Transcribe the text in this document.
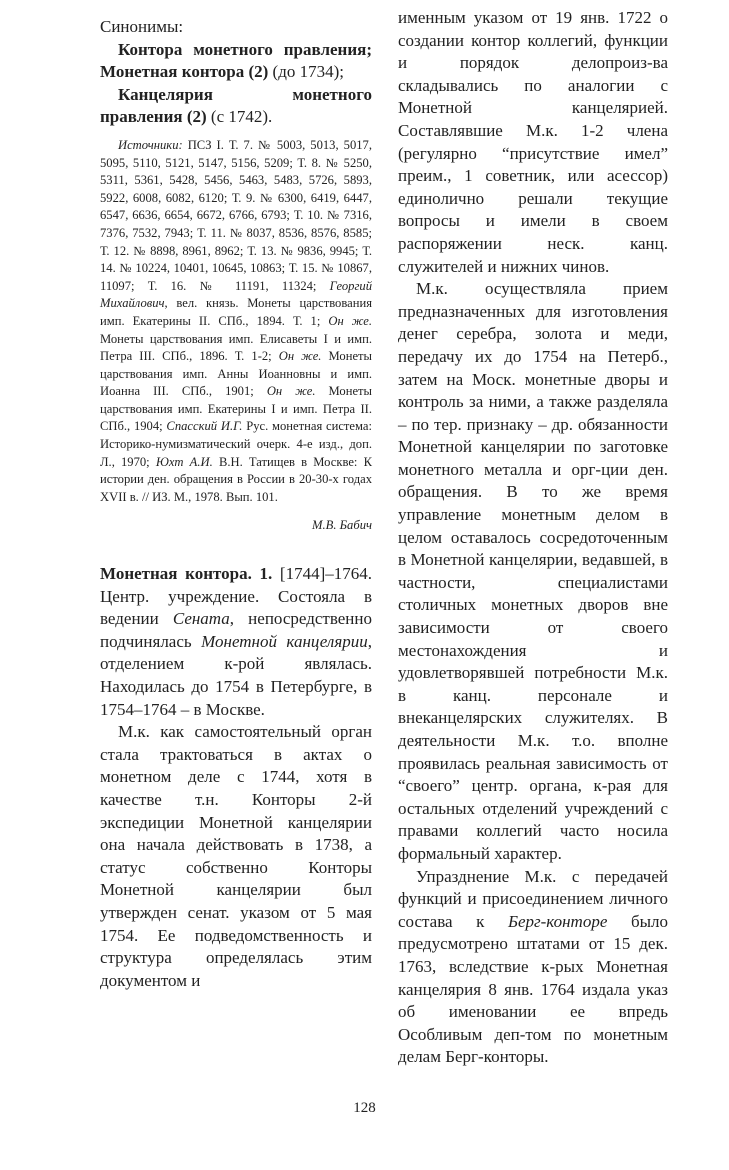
Синонимы:

Контора монетного правления; Монетная контора (2) (до 1734);

Канцелярия монетного правления (2) (с 1742).

Источники: ПСЗ I. Т. 7. № 5003, 5013, 5017, 5095, 5110, 5121, 5147, 5156, 5209; Т. 8. № 5250, 5311, 5361, 5428, 5456, 5463, 5483, 5726, 5893, 5922, 6008, 6082, 6120; Т. 9. № 6300, 6419, 6447, 6547, 6636, 6654, 6672, 6766, 6793; Т. 10. № 7316, 7376, 7532, 7943; Т. 11. № 8037, 8536, 8576, 8585; Т. 12. № 8898, 8961, 8962; Т. 13. № 9836, 9945; Т. 14. № 10224, 10401, 10645, 10863; Т. 15. № 10867, 11097; Т. 16. № 11191, 11324; Георгий Михайлович, вел. князь. Монеты царствования имп. Екатерины II. СПб., 1894. Т. 1; Он же. Монеты царствования имп. Елисаветы I и имп. Петра III. СПб., 1896. Т. 1-2; Он же. Монеты царствования имп. Анны Иоанновны и имп. Иоанна III. СПб., 1901; Он же. Монеты царствования имп. Екатерины I и имп. Петра II. СПб., 1904; Спасский И.Г. Рус. монетная система: Историко-нумизматический очерк. 4-е изд., доп. Л., 1970; Юхт А.И. В.Н. Татищев в Москве: К истории ден. обращения в России в 20-30-х годах XVII в. // ИЗ. М., 1978. Вып. 101.

М.В. Бабич

Монетная контора. 1. [1744]–1764. Центр. учреждение. Состояла в ведении Сената, непосредственно подчинялась Монетной канцелярии, отделением к-рой являлась. Находилась до 1754 в Петербурге, в 1754–1764 – в Москве.

М.к. как самостоятельный орган стала трактоваться в актах о монетном деле с 1744, хотя в качестве т.н. Конторы 2-й экспедиции Монетной канцелярии она начала действовать в 1738, а статус собственно Конторы Монетной канцелярии был утвержден сенат. указом от 5 мая 1754. Ее подведомственность и структура определялась этим документом и

именным указом от 19 янв. 1722 о создании контор коллегий, функции и порядок делопроиз-ва складывались по аналогии с Монетной канцелярией. Составлявшие М.к. 1-2 члена (регулярно “присутствие имел” преим., 1 советник, или асессор) единолично решали текущие вопросы и имели в своем распоряжении неск. канц. служителей и нижних чинов.

М.к. осуществляла прием предназначенных для изготовления денег серебра, золота и меди, передачу их до 1754 на Петерб., затем на Моск. монетные дворы и контроль за ними, а также разделяла – по тер. признаку – др. обязанности Монетной канцелярии по заготовке монетного металла и орг-ции ден. обращения. В то же время управление монетным делом в целом оставалось сосредоточенным в Монетной канцелярии, ведавшей, в частности, специалистами столичных монетных дворов вне зависимости от своего местонахождения и удовлетворявшей потребности М.к. в канц. персонале и внеканцелярских служителях. В деятельности М.к. т.о. вполне проявилась реальная зависимость от “своего” центр. органа, к-рая для остальных отделений учреждений с правами коллегий часто носила формальный характер.

Упразднение М.к. с передачей функций и присоединением личного состава к Берг-конторе было предусмотрено штатами от 15 дек. 1763, вследствие к-рых Монетная канцелярия 8 янв. 1764 издала указ об именовании ее впредь Особливым деп-том по монетным делам Берг-конторы.

128
